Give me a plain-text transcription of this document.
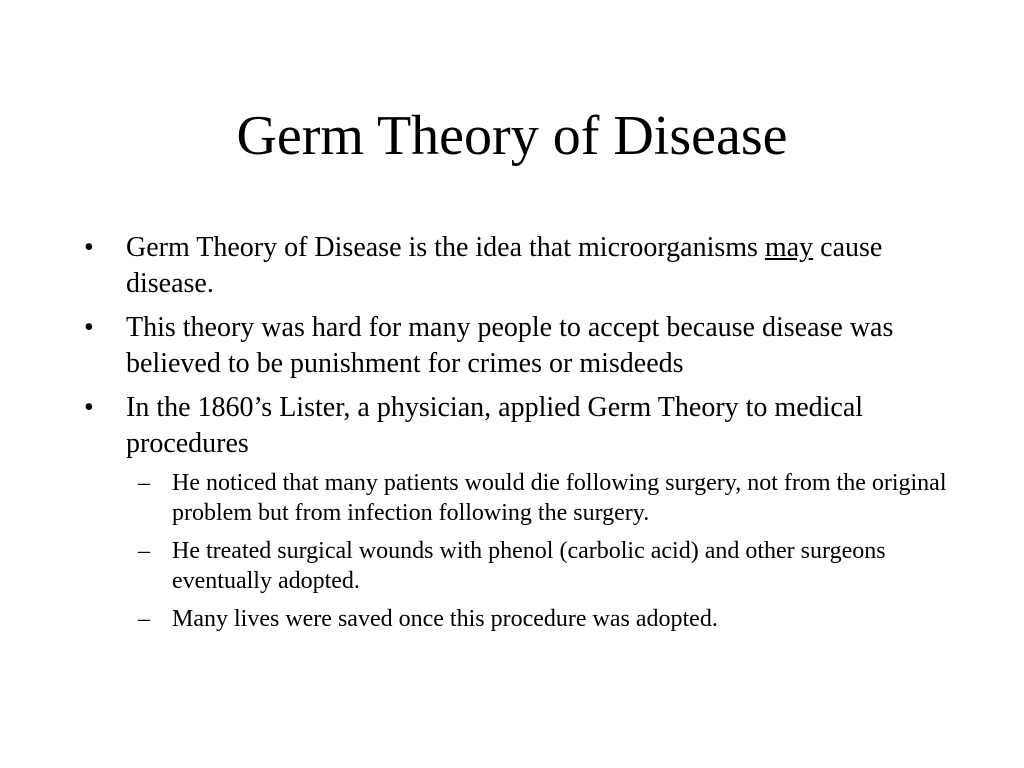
Germ Theory of Disease
• Germ Theory of Disease is the idea that microorganisms may cause disease.
• This theory was hard for many people to accept because disease was believed to be punishment for crimes or misdeeds
• In the 1860’s Lister, a physician, applied Germ Theory to medical procedures
– He noticed that many patients would die following surgery, not from the original problem but from infection following the surgery.
– He treated surgical wounds with phenol (carbolic acid) and other surgeons eventually adopted.
– Many lives were saved once this procedure was adopted.
